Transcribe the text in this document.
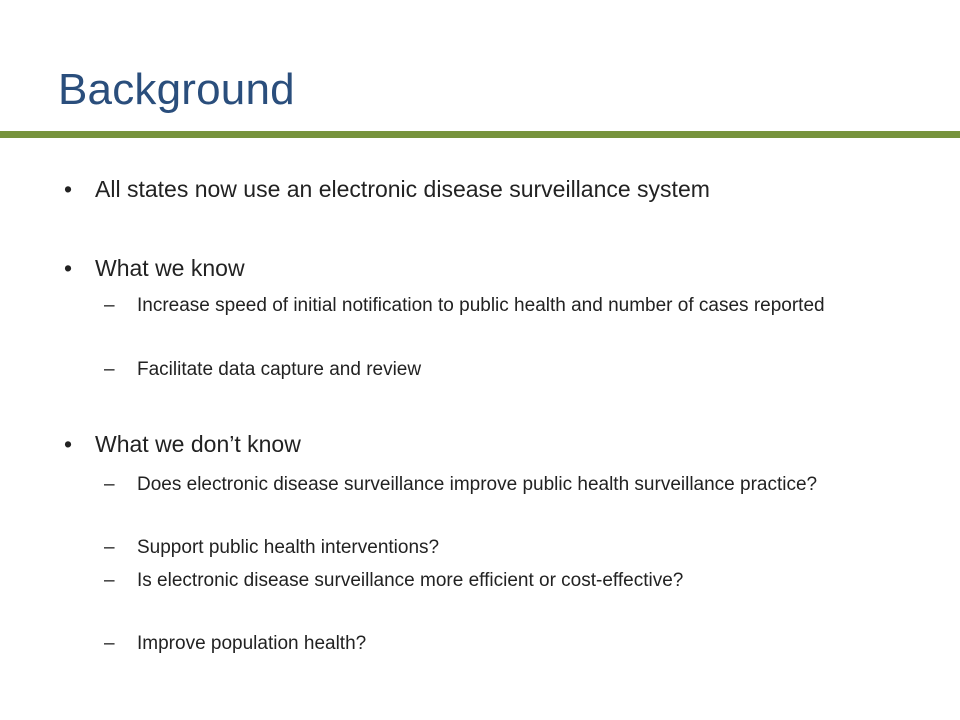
Background
• All states now use an electronic disease surveillance system
• What we know
–	Increase speed of initial notification to public health and number of cases reported
–	Facilitate data capture and review
• What we don’t know
–	Does electronic disease surveillance improve public health surveillance practice?
–	Support public health interventions?
–	Is electronic disease surveillance more efficient or cost-effective?
–	Improve population health?
